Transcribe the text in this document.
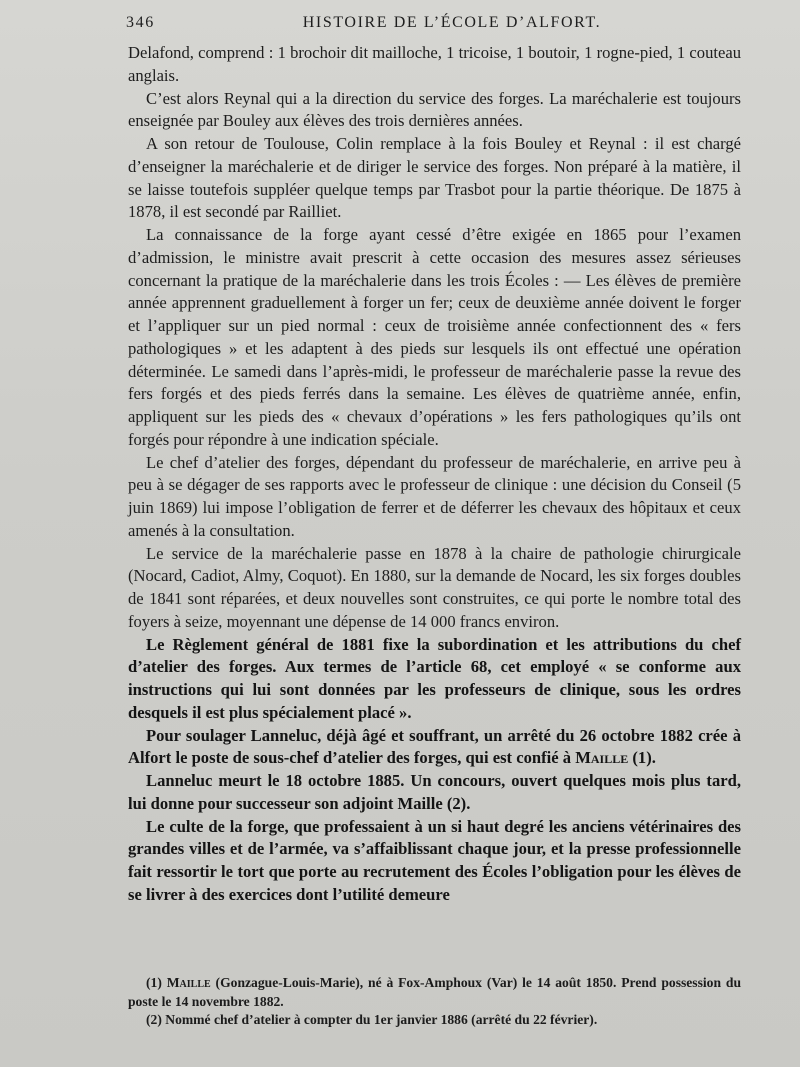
346	HISTOIRE DE L’ÉCOLE D’ALFORT.

Delafond, comprend : 1 brochoir dit mailloche, 1 tricoise, 1 boutoir, 1 rogne-pied, 1 couteau anglais.

C’est alors Reynal qui a la direction du service des forges. La maréchalerie est toujours enseignée par Bouley aux élèves des trois dernières années.

A son retour de Toulouse, Colin remplace à la fois Bouley et Reynal : il est chargé d’enseigner la maréchalerie et de diriger le service des forges. Non préparé à la matière, il se laisse toutefois suppléer quelque temps par Trasbot pour la partie théorique. De 1875 à 1878, il est secondé par Railliet.

La connaissance de la forge ayant cessé d’être exigée en 1865 pour l’examen d’admission, le ministre avait prescrit à cette occasion des mesures assez sérieuses concernant la pratique de la maréchalerie dans les trois Écoles : — Les élèves de première année apprennent graduellement à forger un fer; ceux de deuxième année doivent le forger et l’appliquer sur un pied normal : ceux de troisième année confectionnent des « fers pathologiques » et les adaptent à des pieds sur lesquels ils ont effectué une opération déterminée. Le samedi dans l’après-midi, le professeur de maréchalerie passe la revue des fers forgés et des pieds ferrés dans la semaine. Les élèves de quatrième année, enfin, appliquent sur les pieds des « chevaux d’opérations » les fers pathologiques qu’ils ont forgés pour répondre à une indication spéciale.

Le chef d’atelier des forges, dépendant du professeur de maréchalerie, en arrive peu à peu à se dégager de ses rapports avec le professeur de clinique : une décision du Conseil (5 juin 1869) lui impose l’obligation de ferrer et de déferrer les chevaux des hôpitaux et ceux amenés à la consultation.

Le service de la maréchalerie passe en 1878 à la chaire de pathologie chirurgicale (Nocard, Cadiot, Almy, Coquot). En 1880, sur la demande de Nocard, les six forges doubles de 1841 sont réparées, et deux nouvelles sont construites, ce qui porte le nombre total des foyers à seize, moyennant une dépense de 14 000 francs environ.

Le Règlement général de 1881 fixe la subordination et les attributions du chef d’atelier des forges. Aux termes de l’article 68, cet employé « se conforme aux instructions qui lui sont données par les professeurs de clinique, sous les ordres desquels il est plus spécialement placé ».

Pour soulager Lanneluc, déjà âgé et souffrant, un arrêté du 26 octobre 1882 crée à Alfort le poste de sous-chef d’atelier des forges, qui est confié à Maille (1).

Lanneluc meurt le 18 octobre 1885. Un concours, ouvert quelques mois plus tard, lui donne pour successeur son adjoint Maille (2).

Le culte de la forge, que professaient à un si haut degré les anciens vétérinaires des grandes villes et de l’armée, va s’affaiblissant chaque jour, et la presse professionnelle fait ressortir le tort que porte au recrutement des Écoles l’obligation pour les élèves de se livrer à des exercices dont l’utilité demeure

(1) Maille (Gonzague-Louis-Marie), né à Fox-Amphoux (Var) le 14 août 1850. Prend possession du poste le 14 novembre 1882.

(2) Nommé chef d’atelier à compter du 1er janvier 1886 (arrêté du 22 février).
